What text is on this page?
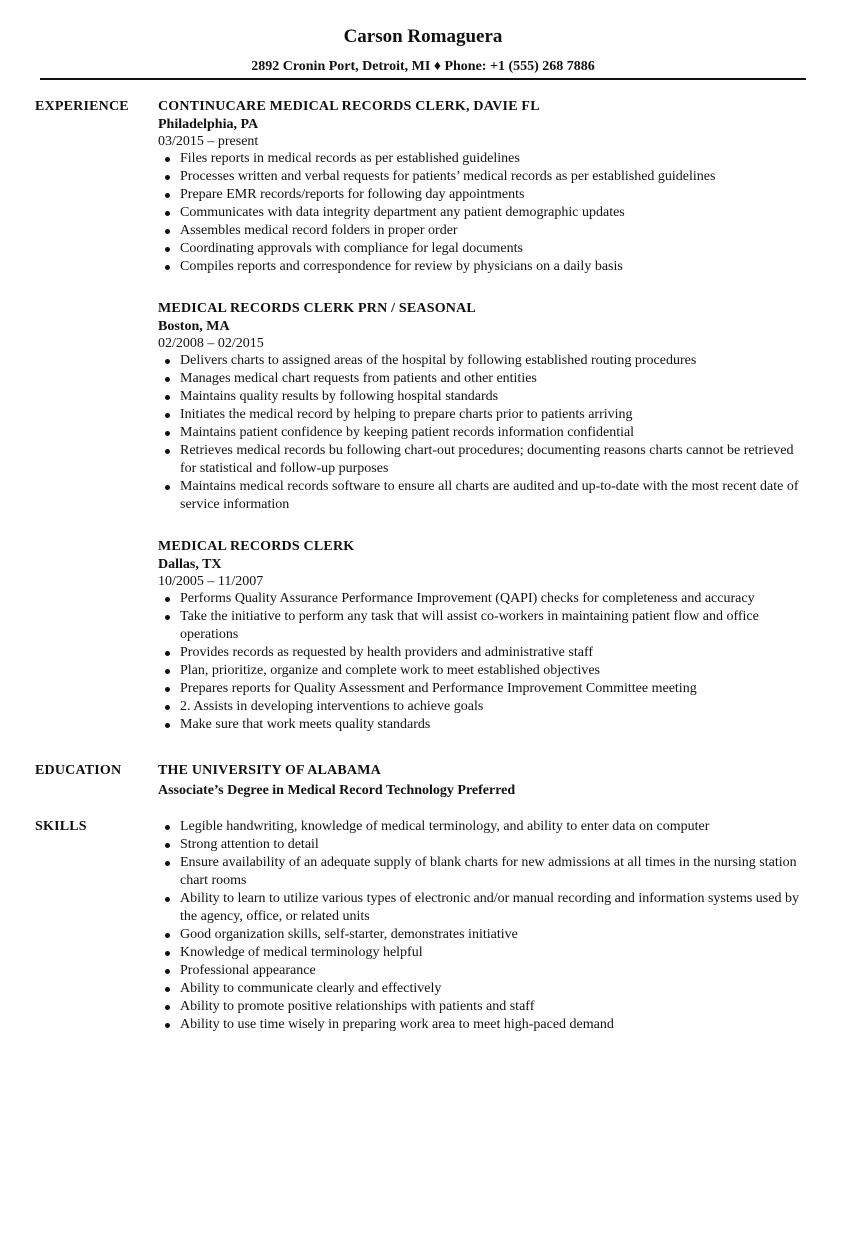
Carson Romaguera
2892 Cronin Port, Detroit, MI ♦ Phone: +1 (555) 268 7886
EXPERIENCE CONTINUCARE MEDICAL RECORDS CLERK, DAVIE FL
Philadelphia, PA
03/2015 – present
Files reports in medical records as per established guidelines
Processes written and verbal requests for patients’ medical records as per established guidelines
Prepare EMR records/reports for following day appointments
Communicates with data integrity department any patient demographic updates
Assembles medical record folders in proper order
Coordinating approvals with compliance for legal documents
Compiles reports and correspondence for review by physicians on a daily basis
MEDICAL RECORDS CLERK PRN / SEASONAL
Boston, MA
02/2008 – 02/2015
Delivers charts to assigned areas of the hospital by following established routing procedures
Manages medical chart requests from patients and other entities
Maintains quality results by following hospital standards
Initiates the medical record by helping to prepare charts prior to patients arriving
Maintains patient confidence by keeping patient records information confidential
Retrieves medical records bu following chart-out procedures; documenting reasons charts cannot be retrieved for statistical and follow-up purposes
Maintains medical records software to ensure all charts are audited and up-to-date with the most recent date of service information
MEDICAL RECORDS CLERK
Dallas, TX
10/2005 – 11/2007
Performs Quality Assurance Performance Improvement (QAPI) checks for completeness and accuracy
Take the initiative to perform any task that will assist co-workers in maintaining patient flow and office operations
Provides records as requested by health providers and administrative staff
Plan, prioritize, organize and complete work to meet established objectives
Prepares reports for Quality Assessment and Performance Improvement Committee meeting
2. Assists in developing interventions to achieve goals
Make sure that work meets quality standards
EDUCATION	THE UNIVERSITY OF ALABAMA
Associate’s Degree in Medical Record Technology Preferred
SKILLS	Legible handwriting, knowledge of medical terminology, and ability to enter data on computer
Strong attention to detail
Ensure availability of an adequate supply of blank charts for new admissions at all times in the nursing station chart rooms
Ability to learn to utilize various types of electronic and/or manual recording and information systems used by the agency, office, or related units
Good organization skills, self-starter, demonstrates initiative
Knowledge of medical terminology helpful
Professional appearance
Ability to communicate clearly and effectively
Ability to promote positive relationships with patients and staff
Ability to use time wisely in preparing work area to meet high-paced demand
